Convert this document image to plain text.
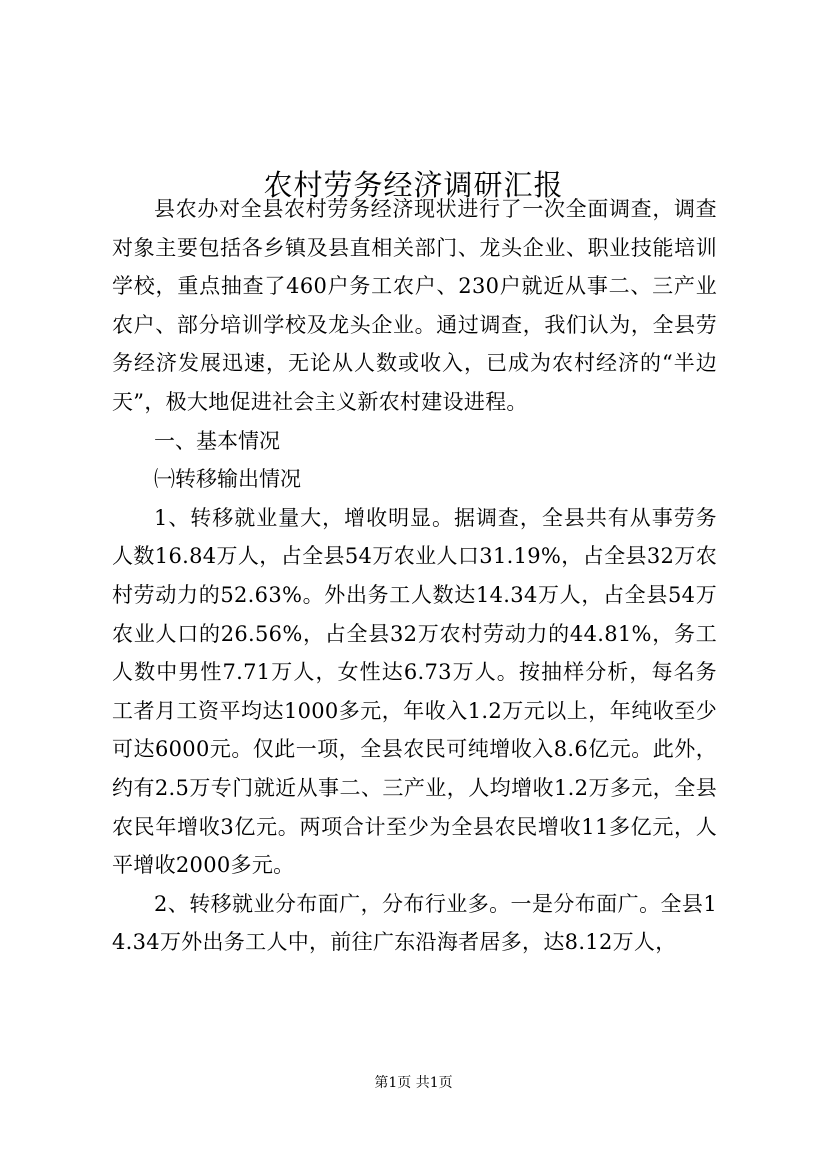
农村劳务经济调研汇报

县农办对全县农村劳务经济现状进行了一次全面调查，调查对象主要包括各乡镇及县直相关部门、龙头企业、职业技能培训学校，重点抽查了460户务工农户、230户就近从事二、三产业农户、部分培训学校及龙头企业。通过调查，我们认为，全县劳务经济发展迅速，无论从人数或收入，已成为农村经济的“半边天”，极大地促进社会主义新农村建设进程。

一、基本情况

㈠转移输出情况

1、转移就业量大，增收明显。据调查，全县共有从事劳务人数16.84万人，占全县54万农业人口31.19%，占全县32万农村劳动力的52.63%。外出务工人数达14.34万人，占全县54万农业人口的26.56%，占全县32万农村劳动力的44.81%，务工人数中男性7.71万人，女性达6.73万人。按抽样分析，每名务工者月工资平均达1000多元，年收入1.2万元以上，年纯收至少可达6000元。仅此一项，全县农民可纯增收入8.6亿元。此外，约有2.5万专门就近从事二、三产业，人均增收1.2万多元，全县农民年增收3亿元。两项合计至少为全县农民增收11多亿元，人平增收2000多元。

2、转移就业分布面广，分布行业多。一是分布面广。全县14.34万外出务工人中，前往广东沿海者居多，达8.12万人，

第1页 共1页
